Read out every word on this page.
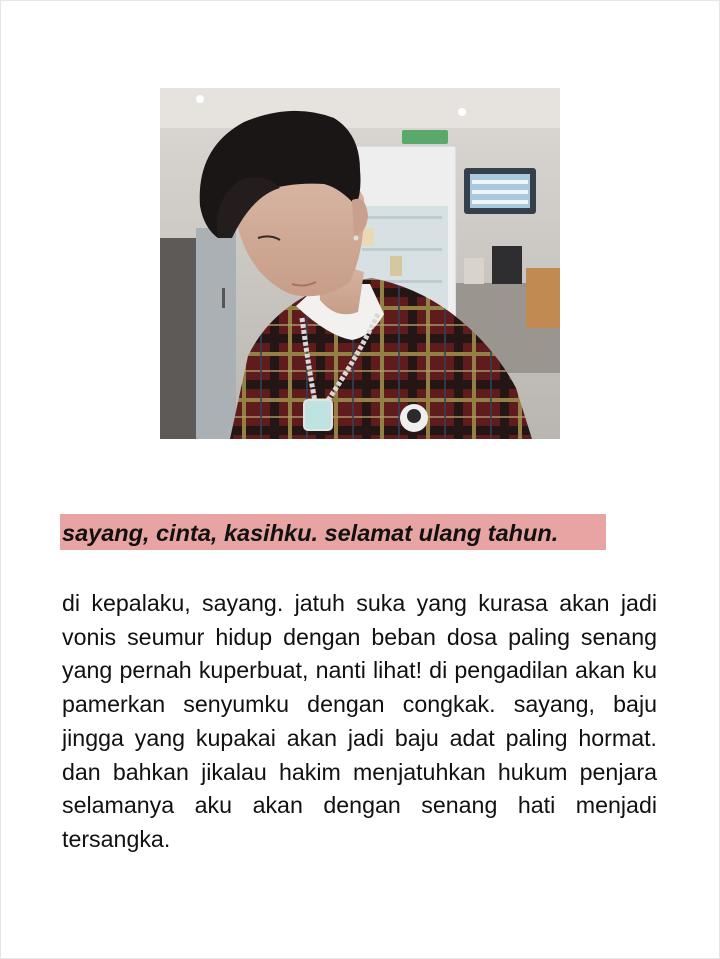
sayang, cinta, kasihku. selamat ulang tahun.

di kepalaku, sayang. jatuh suka yang kurasa akan jadi vonis seumur hidup dengan beban dosa paling senang yang pernah kuperbuat, nanti lihat! di pengadilan akan ku pamerkan senyumku dengan congkak. sayang, baju jingga yang kupakai akan jadi baju adat paling hormat. dan bahkan jikalau hakim menjatuhkan hukum penjara selamanya aku akan dengan senang hati menjadi tersangka.
